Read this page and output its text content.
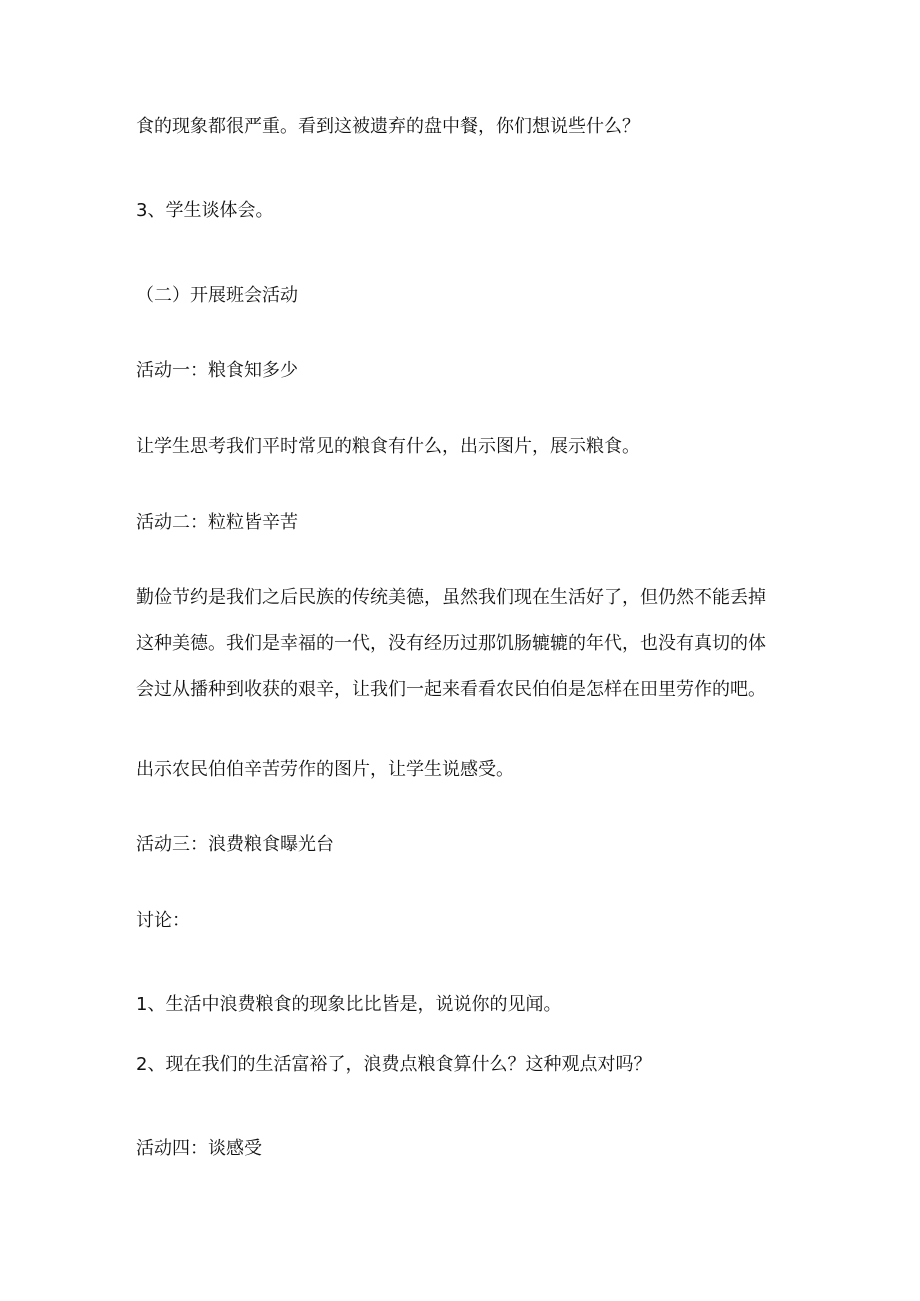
食的现象都很严重。看到这被遗弃的盘中餐，你们想说些什么？
3、学生谈体会。
（二）开展班会活动
活动一：粮食知多少
让学生思考我们平时常见的粮食有什么，出示图片，展示粮食。
活动二：粒粒皆辛苦
勤俭节约是我们之后民族的传统美德，虽然我们现在生活好了，但仍然不能丢掉
这种美德。我们是幸福的一代，没有经历过那饥肠辘辘的年代，也没有真切的体
会过从播种到收获的艰辛，让我们一起来看看农民伯伯是怎样在田里劳作的吧。
出示农民伯伯辛苦劳作的图片，让学生说感受。
活动三：浪费粮食曝光台
讨论：
1、生活中浪费粮食的现象比比皆是，说说你的见闻。
2、现在我们的生活富裕了，浪费点粮食算什么？这种观点对吗？
活动四：谈感受
